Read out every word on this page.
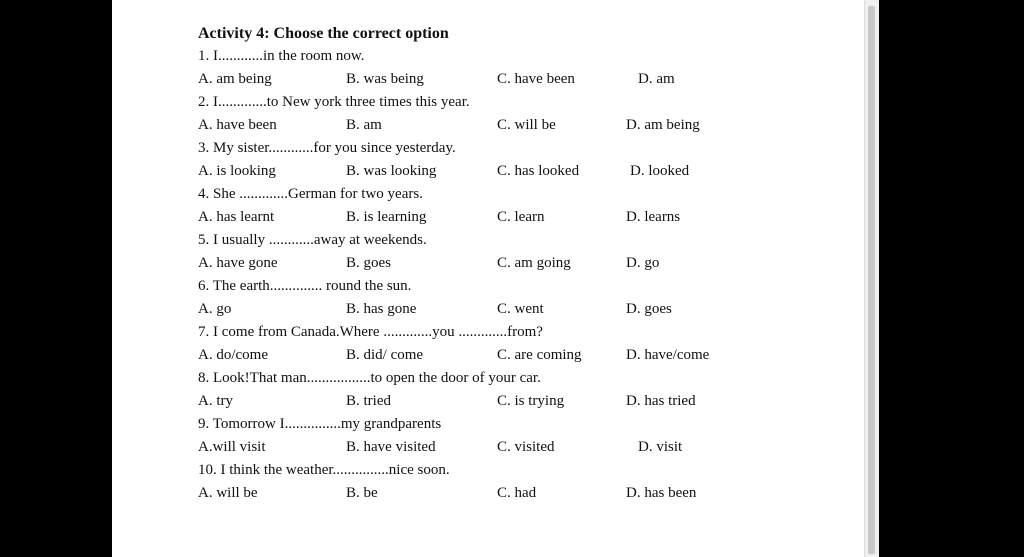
Activity 4: Choose the correct option
1. I............in the room now.
A. am being	B. was being	C. have been	D. am
2. I.............to New york three times this year.
A. have been	B. am	C. will be	D. am being
3. My sister............for you since yesterday.
A. is looking	B. was looking	C. has looked	D. looked
4. She .............German for two years.
A. has learnt	B. is learning	C. learn	D. learns
5. I usually ............away at weekends.
A. have gone	B. goes	C. am going	D. go
6. The earth.............. round the sun.
A. go	B. has gone	C. went	D. goes
7. I come from Canada.Where .............you .............from?
A. do/come	B. did/ come	C. are coming	D. have/come
8. Look!That man.................to open the door of your car.
A. try	B. tried	C. is trying	D. has tried
9. Tomorrow I...............my grandparents
A.will visit	B. have visited	C. visited	D. visit
10. I think the weather...............nice soon.
A. will be	B. be	C. had	D. has been
